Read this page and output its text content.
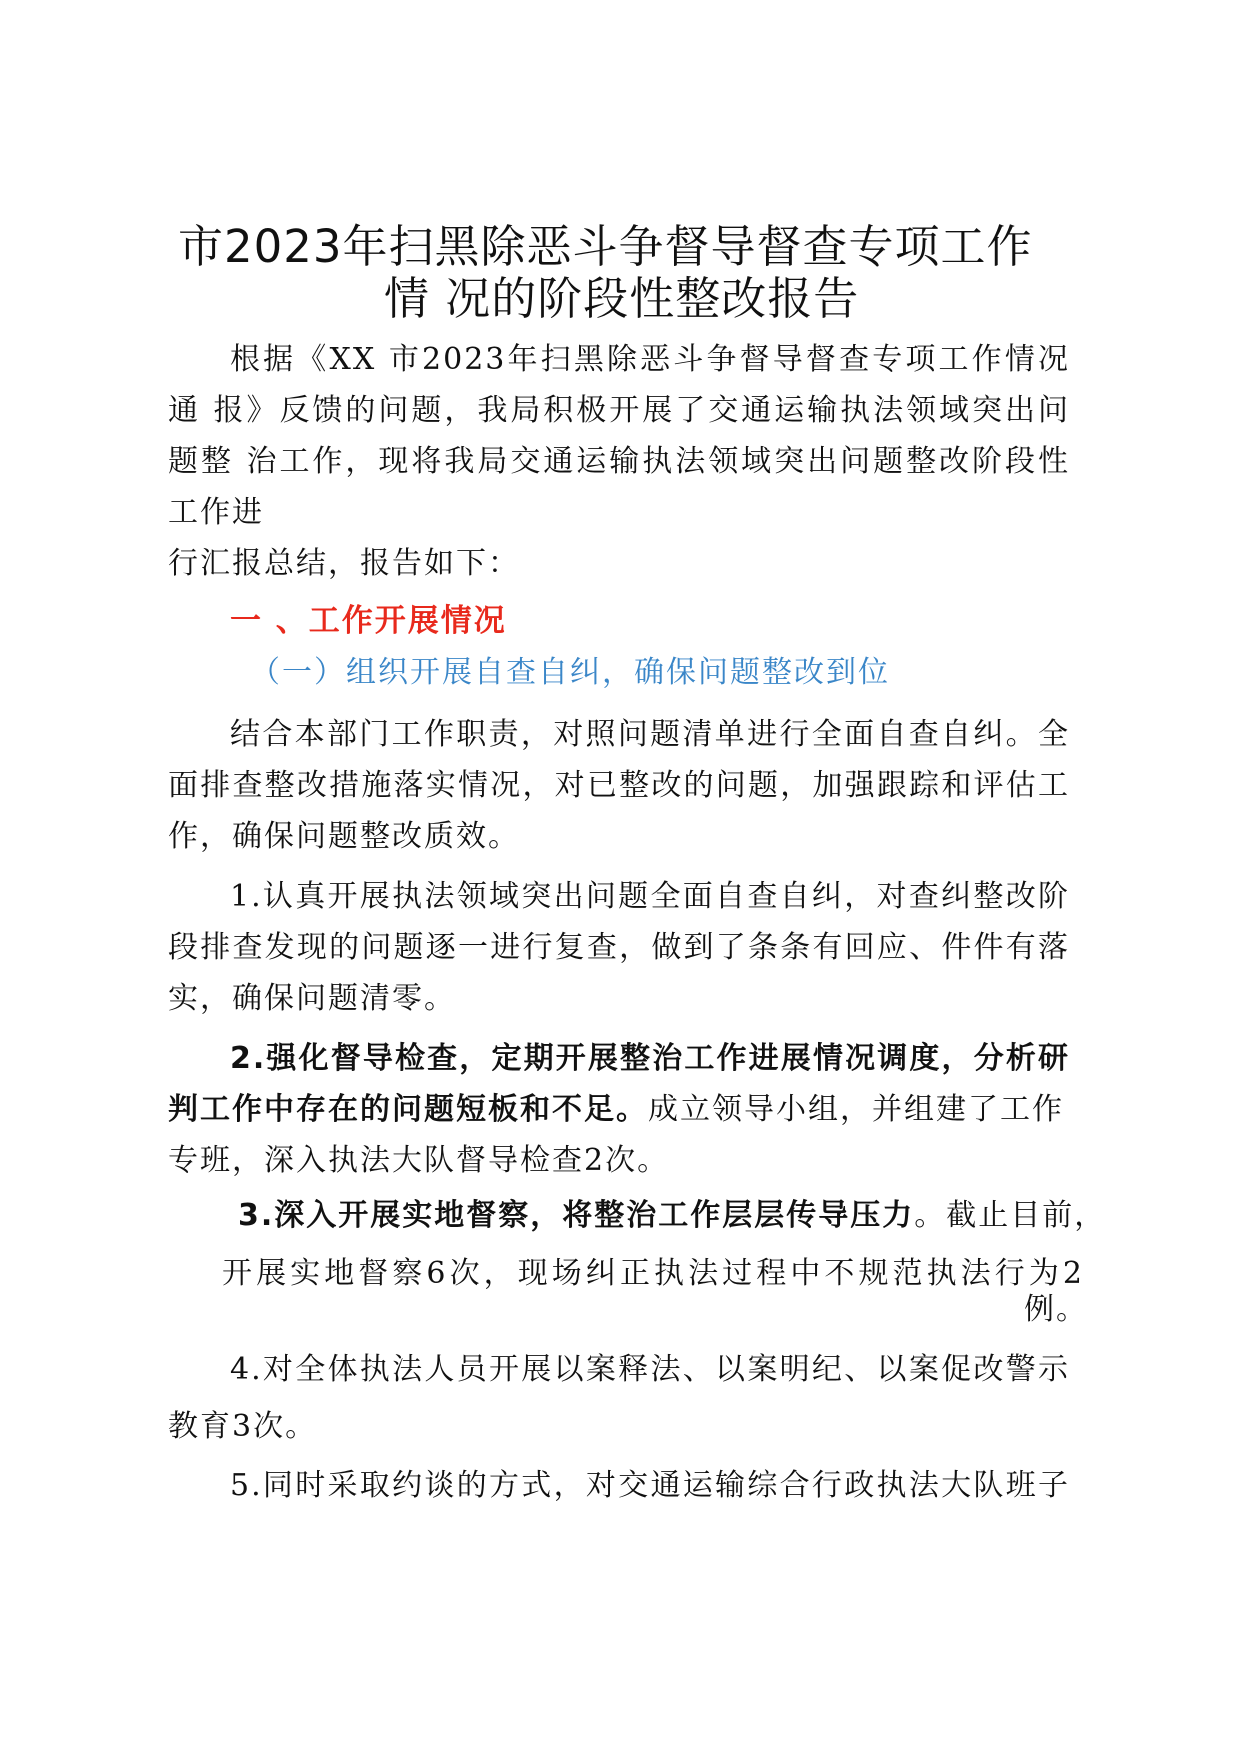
市2023年扫黑除恶斗争督导督查专项工作
情 况的阶段性整改报告
根据《XX 市2023年扫黑除恶斗争督导督查专项工作情况
通 报》反馈的问题，我局积极开展了交通运输执法领域突出问
题整 治工作，现将我局交通运输执法领域突出问题整改阶段性
工作进
行汇报总结，报告如下：
一 、工作开展情况
（一）组织开展自查自纠，确保问题整改到位
结合本部门工作职责，对照问题清单进行全面自查自纠。全
面排查整改措施落实情况，对已整改的问题，加强跟踪和评估工
作，确保问题整改质效。
1.认真开展执法领域突出问题全面自查自纠，对查纠整改阶
段排查发现的问题逐一进行复查，做到了条条有回应、件件有落
实，确保问题清零。
2.强化督导检查，定期开展整治工作进展情况调度，分析研
判工作中存在的问题短板和不足。成立领导小组，并组建了工作
专班，深入执法大队督导检查2次。
3.深入开展实地督察，将整治工作层层传导压力。截止目前，
开展实地督察6次，现场纠正执法过程中不规范执法行为2
例。
4.对全体执法人员开展以案释法、以案明纪、以案促改警示
教育3次。
5.同时采取约谈的方式，对交通运输综合行政执法大队班子
